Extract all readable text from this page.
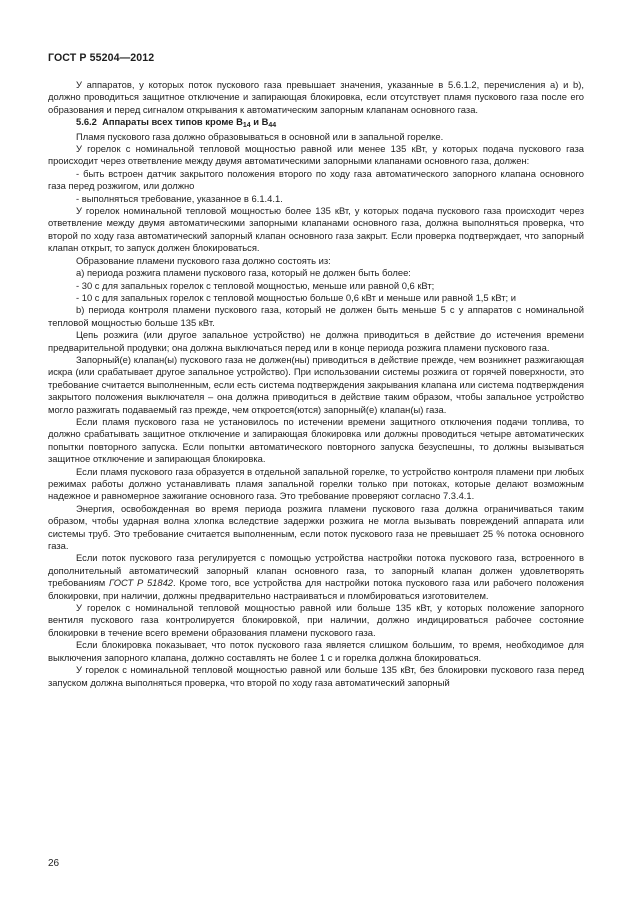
ГОСТ Р 55204—2012

У аппаратов, у которых поток пускового газа превышает значения, указанные в 5.6.1.2, перечисления а) и b), должно проводиться защитное отключение и запирающая блокировка, если отсутствует пламя пускового газа после его образования и перед сигналом открывания к автоматическим запорным клапанам основного газа.

5.6.2 Аппараты всех типов кроме $В_{14}$ и $В_{44}$

Пламя пускового газа должно образовываться в основной или в запальной горелке.

У горелок с номинальной тепловой мощностью равной или менее 135 кВт, у которых подача пускового газа происходит через ответвление между двумя автоматическими запорными клапанами основного газа, должен:

- быть встроен датчик закрытого положения второго по ходу газа автоматического запорного клапана основного газа перед розжигом, или должно

- выполняться требование, указанное в 6.1.4.1.

У горелок номинальной тепловой мощностью более 135 кВт, у которых подача пускового газа происходит через ответвление между двумя автоматическими запорными клапанами основного газа, должна выполняться проверка, что второй по ходу газа автоматический запорный клапан основного газа закрыт. Если проверка подтверждает, что запорный клапан открыт, то запуск должен блокироваться.

Образование пламени пускового газа должно состоять из:

а) периода розжига пламени пускового газа, который не должен быть более:

- 30 с для запальных горелок с тепловой мощностью, меньше или равной 0,6 кВт;

- 10 с для запальных горелок с тепловой мощностью больше 0,6 кВт и меньше или равной 1,5 кВт; и

b) периода контроля пламени пускового газа, который не должен быть меньше 5 с у аппаратов с номинальной тепловой мощностью больше 135 кВт.

Цепь розжига (или другое запальное устройство) не должна приводиться в действие до истечения времени предварительной продувки; она должна выключаться перед или в конце периода розжига пламени пускового газа.

Запорный(е) клапан(ы) пускового газа не должен(ны) приводиться в действие прежде, чем возникнет разжигающая искра (или срабатывает другое запальное устройство). При использовании системы розжига от горячей поверхности, это требование считается выполненным, если есть система подтверждения закрывания клапана или система подтверждения закрытого положения выключателя – она должна приводиться в действие таким образом, чтобы запальное устройство могло разжигать подаваемый газ прежде, чем откроется(ются) запорный(е) клапан(ы) газа.

Если пламя пускового газа не установилось по истечении времени защитного отключения подачи топлива, то должно срабатывать защитное отключение и запирающая блокировка или должны проводиться четыре автоматических попытки повторного запуска. Если попытки автоматического повторного запуска безуспешны, то должны вызываться защитное отключение и запирающая блокировка.

Если пламя пускового газа образуется в отдельной запальной горелке, то устройство контроля пламени при любых режимах работы должно устанавливать пламя запальной горелки только при потоках, которые делают возможным надежное и равномерное зажигание основного газа. Это требование проверяют согласно 7.3.4.1.

Энергия, освобожденная во время периода розжига пламени пускового газа должна ограничиваться таким образом, чтобы ударная волна хлопка вследствие задержки розжига не могла вызывать повреждений аппарата или системы труб. Это требование считается выполненным, если поток пускового газа не превышает 25 % потока основного газа.

Если поток пускового газа регулируется с помощью устройства настройки потока пускового газа, встроенного в дополнительный автоматический запорный клапан основного газа, то запорный клапан должен удовлетворять требованиям ГОСТ Р 51842. Кроме того, все устройства для настройки потока пускового газа или рабочего положения блокировки, при наличии, должны предварительно настраиваться и пломбироваться изготовителем.

У горелок с номинальной тепловой мощностью равной или больше 135 кВт, у которых положение запорного вентиля пускового газа контролируется блокировкой, при наличии, должно индицироваться рабочее состояние блокировки в течение всего времени образования пламени пускового газа.

Если блокировка показывает, что поток пускового газа является слишком большим, то время, необходимое для выключения запорного клапана, должно составлять не более 1 с и горелка должна блокироваться.

У горелок с номинальной тепловой мощностью равной или больше 135 кВт, без блокировки пускового газа перед запуском должна выполняться проверка, что второй по ходу газа автоматический запорный

26
